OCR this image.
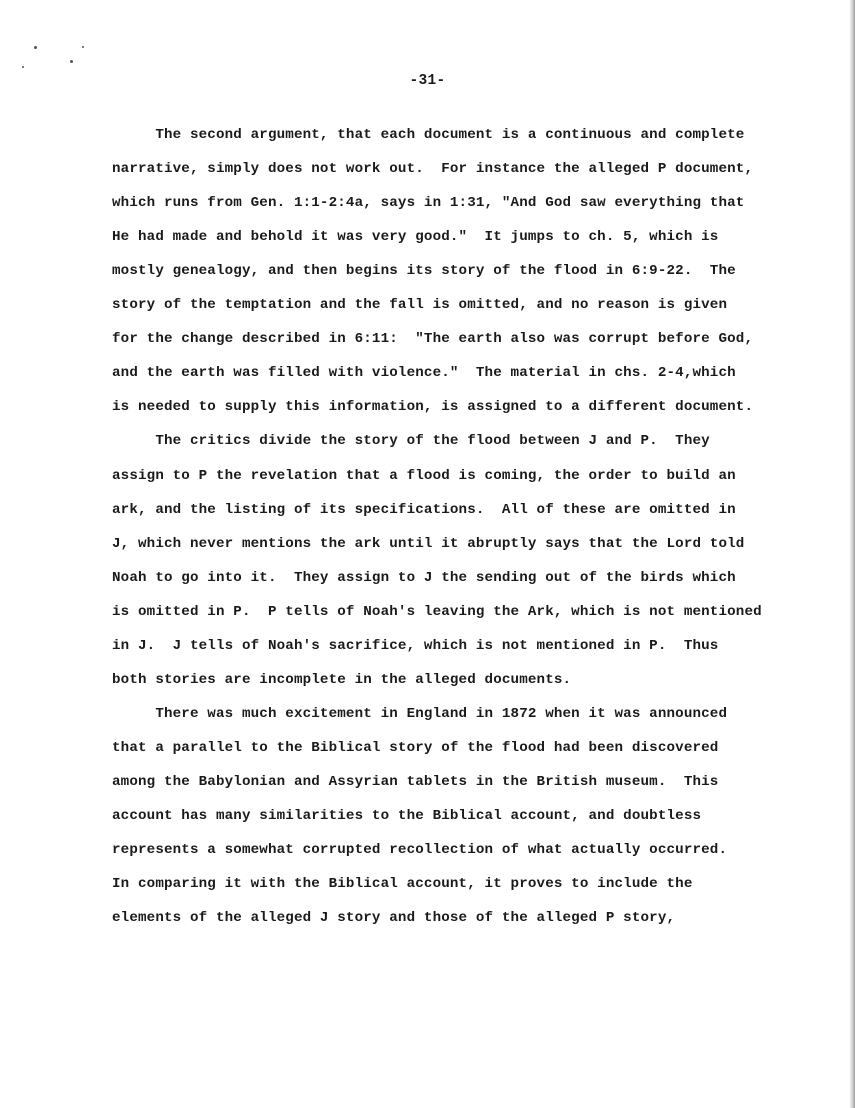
-31-
The second argument, that each document is a continuous and complete
narrative, simply does not work out.  For instance the alleged P document,
which runs from Gen. 1:1-2:4a, says in 1:31, "And God saw everything that
He had made and behold it was very good."  It jumps to ch. 5, which is
mostly genealogy, and then begins its story of the flood in 6:9-22.  The
story of the temptation and the fall is omitted, and no reason is given
for the change described in 6:11:  "The earth also was corrupt before God,
and the earth was filled with violence."  The material in chs. 2-4,which
is needed to supply this information, is assigned to a different document.
The critics divide the story of the flood between J and P.  They
assign to P the revelation that a flood is coming, the order to build an
ark, and the listing of its specifications.  All of these are omitted in
J, which never mentions the ark until it abruptly says that the Lord told
Noah to go into it.  They assign to J the sending out of the birds which
is omitted in P.  P tells of Noah's leaving the Ark, which is not mentioned
in J.  J tells of Noah's sacrifice, which is not mentioned in P.  Thus
both stories are incomplete in the alleged documents.
There was much excitement in England in 1872 when it was announced
that a parallel to the Biblical story of the flood had been discovered
among the Babylonian and Assyrian tablets in the British museum.  This
account has many similarities to the Biblical account, and doubtless
represents a somewhat corrupted recollection of what actually occurred.
In comparing it with the Biblical account, it proves to include the
elements of the alleged J story and those of the alleged P story,
